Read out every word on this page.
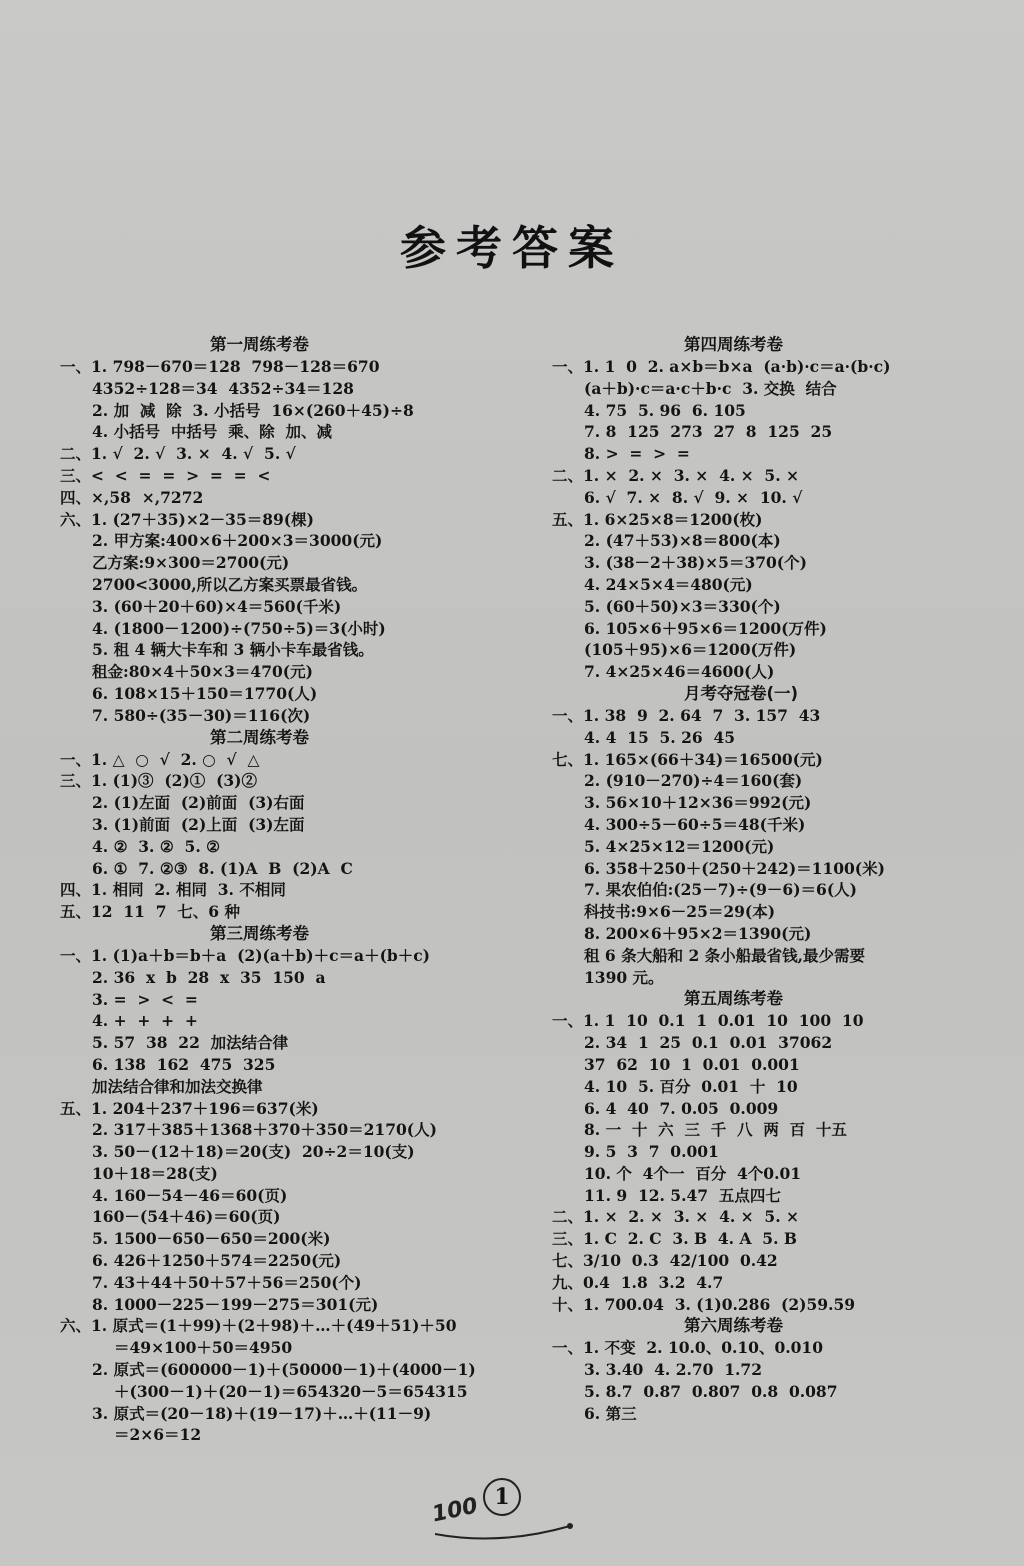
参考答案
第一周练考卷
一、1. 798－670＝128  798－128＝670
4352÷128＝34  4352÷34＝128
2. 加  减  除  3. 小括号  16×(260＋45)÷8
4. 小括号  中括号  乘、除  加、减
二、1. √  2. √  3. ×  4. √  5. √
三、<  <  =  =  >  =  =  <
四、×,58  ×,7272
六、1. (27＋35)×2－35＝89(棵)
2. 甲方案:400×6＋200×3＝3000(元)
乙方案:9×300＝2700(元)
2700<3000,所以乙方案买票最省钱。
3. (60＋20＋60)×4＝560(千米)
4. (1800－1200)÷(750÷5)＝3(小时)
5. 租 4 辆大卡车和 3 辆小卡车最省钱。
租金:80×4＋50×3＝470(元)
6. 108×15＋150＝1770(人)
7. 580÷(35－30)＝116(次)
第二周练考卷
一、1. △  ○  √  2. ○  √  △
三、1. (1)③  (2)①  (3)②
2. (1)左面  (2)前面  (3)右面
3. (1)前面  (2)上面  (3)左面
4. ②  3. ②  5. ②
6. ①  7. ②③  8. (1)A  B  (2)A  C
四、1. 相同  2. 相同  3. 不相同
五、12  11  7  七、6 种
第三周练考卷
一、1. (1)a＋b＝b＋a  (2)(a＋b)＋c＝a＋(b＋c)
2. 36  x  b  28  x  35  150  a
3. =  >  <  =
4. +  +  +  +
5. 57  38  22  加法结合律
6. 138  162  475  325
加法结合律和加法交换律
五、1. 204＋237＋196＝637(米)
2. 317＋385＋1368＋370＋350＝2170(人)
3. 50－(12＋18)＝20(支)  20÷2＝10(支)
10＋18＝28(支)
4. 160－54－46＝60(页)
160－(54＋46)＝60(页)
5. 1500－650－650＝200(米)
6. 426＋1250＋574＝2250(元)
7. 43＋44＋50＋57＋56＝250(个)
8. 1000－225－199－275＝301(元)
六、1. 原式＝(1＋99)＋(2＋98)＋…＋(49＋51)＋50
＝49×100＋50＝4950
2. 原式＝(600000－1)＋(50000－1)＋(4000－1)
＋(300－1)＋(20－1)＝654320－5＝654315
3. 原式＝(20－18)＋(19－17)＋…＋(11－9)
＝2×6＝12
第四周练考卷
一、1. 1  0  2. a×b＝b×a  (a·b)·c＝a·(b·c)
(a＋b)·c＝a·c＋b·c  3. 交换  结合
4. 75  5. 96  6. 105
7. 8  125  273  27  8  125  25
8. >  =  >  =
二、1. ×  2. ×  3. ×  4. ×  5. ×
6. √  7. ×  8. √  9. ×  10. √
五、1. 6×25×8＝1200(枚)
2. (47＋53)×8＝800(本)
3. (38－2＋38)×5＝370(个)
4. 24×5×4＝480(元)
5. (60＋50)×3＝330(个)
6. 105×6＋95×6＝1200(万件)
(105＋95)×6＝1200(万件)
7. 4×25×46＝4600(人)
月考夺冠卷(一)
一、1. 38  9  2. 64  7  3. 157  43
4. 4  15  5. 26  45
七、1. 165×(66＋34)＝16500(元)
2. (910－270)÷4＝160(套)
3. 56×10＋12×36＝992(元)
4. 300÷5－60÷5＝48(千米)
5. 4×25×12＝1200(元)
6. 358＋250＋(250＋242)＝1100(米)
7. 果农伯伯:(25－7)÷(9－6)＝6(人)
科技书:9×6－25＝29(本)
8. 200×6＋95×2＝1390(元)
租 6 条大船和 2 条小船最省钱,最少需要
1390 元。
第五周练考卷
一、1. 1  10  0.1  1  0.01  10  100  10
2. 34  1  25  0.1  0.01  37062
37  62  10  1  0.01  0.001
4. 10  5. 百分  0.01  十  10
6. 4  40  7. 0.05  0.009
8. 一  十  六  三  千  八  两  百  十五
9. 5  3  7  0.001
10. 个  4个一  百分  4个0.01
11. 9  12. 5.47  五点四七
二、1. ×  2. ×  3. ×  4. ×  5. ×
三、1. C  2. C  3. B  4. A  5. B
七、3/10  0.3  42/100  0.42
九、0.4  1.8  3.2  4.7
十、1. 700.04  3. (1)0.286  (2)59.59
第六周练考卷
一、1. 不变  2. 10.0、0.10、0.010
3. 3.40  4. 2.70  1.72
5. 8.7  0.87  0.807  0.8  0.087
6. 第三
100 1
